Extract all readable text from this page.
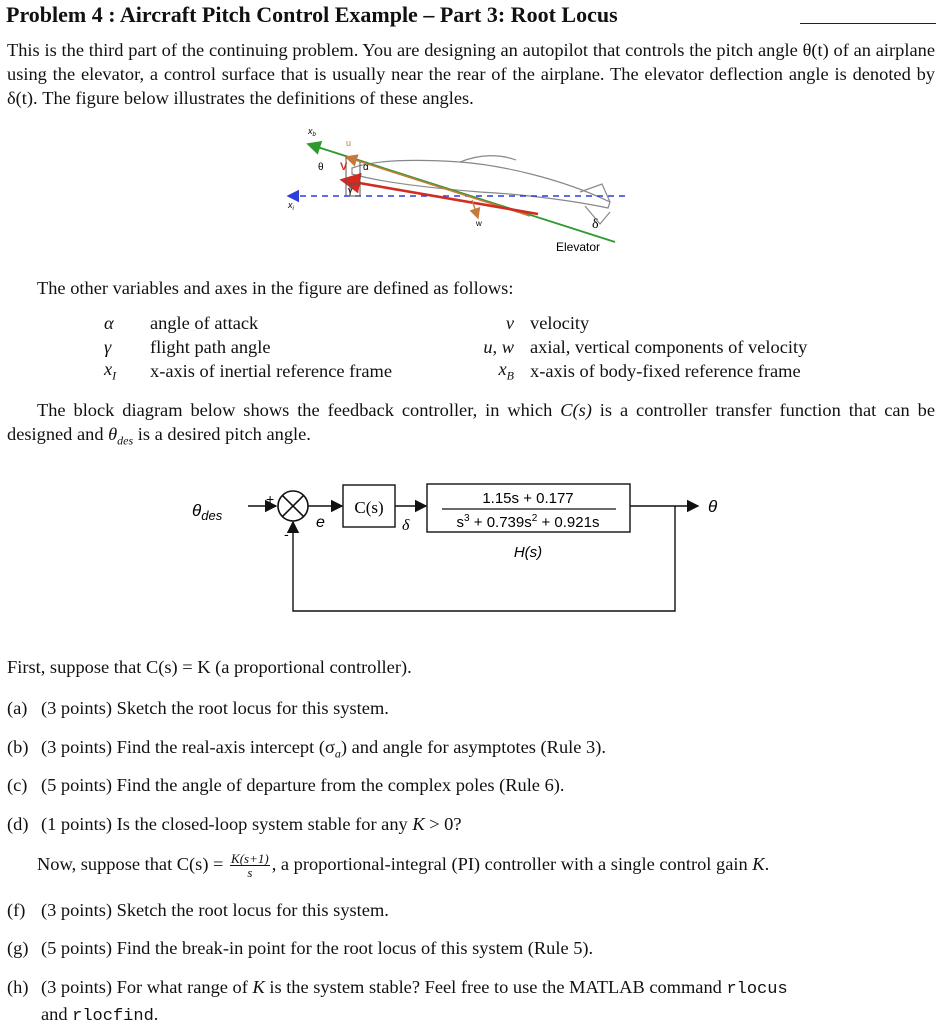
Problem 4 : Aircraft Pitch Control Example – Part 3: Root Locus
This is the third part of the continuing problem. You are designing an autopilot that controls the pitch angle θ(t) of an airplane using the elevator, a control surface that is usually near the rear of the airplane. The elevator deflection angle is denoted by δ(t). The figure below illustrates the definitions of these angles.
$x_b$
u
θ V α
γ
$x_i$
w	δ
Elevator
The other variables and axes in the figure are defined as follows:
α	angle of attack	v	velocity
γ	flight path angle	u, w	axial, vertical components of velocity
$x_I$	x-axis of inertial reference frame	$x_B$	x-axis of body-fixed reference frame
The block diagram below shows the feedback controller, in which C(s) is a controller transfer function that can be designed and $\theta_{des}$ is a desired pitch angle.
$\theta_{des}$
+
-
e
C(s)
δ
1.15s + 0.177
$s^3 + 0.739s^2 + 0.921s$
H(s)
θ
First, suppose that C(s) = K (a proportional controller).
(a) (3 points) Sketch the root locus for this system.
(b) (3 points) Find the real-axis intercept $(\sigma_a)$ and angle for asymptotes (Rule 3).
(c) (5 points) Find the angle of departure from the complex poles (Rule 6).
(d) (1 points) Is the closed-loop system stable for any K > 0?
Now, suppose that $C(s) = \frac{K(s+1)}{s}$ , a proportional-integral (PI) controller with a single control gain K.
(f) (3 points) Sketch the root locus for this system.
(g) (5 points) Find the break-in point for the root locus of this system (Rule 5).
(h) (3 points) For what range of K is the system stable? Feel free to use the MATLAB command rlocus
and rlocfind.
